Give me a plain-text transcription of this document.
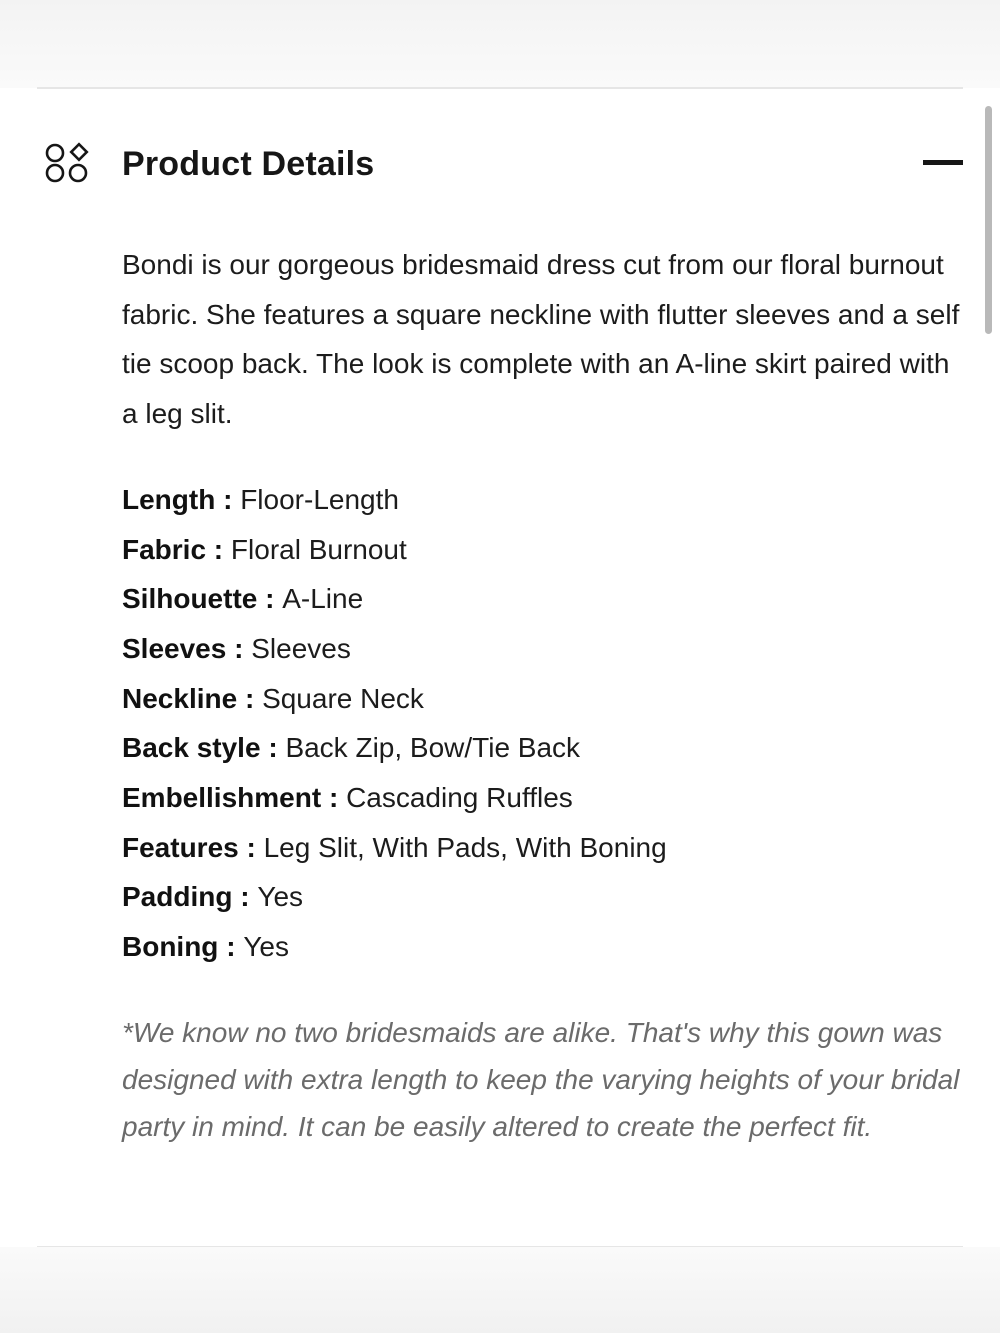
Product Details

Bondi is our gorgeous bridesmaid dress cut from our floral burnout fabric. She features a square neckline with flutter sleeves and a self tie scoop back. The look is complete with an A-line skirt paired with a leg slit.

Length : Floor-Length
Fabric : Floral Burnout
Silhouette : A-Line
Sleeves : Sleeves
Neckline : Square Neck
Back style : Back Zip, Bow/Tie Back
Embellishment : Cascading Ruffles
Features : Leg Slit, With Pads, With Boning
Padding : Yes
Boning : Yes

*We know no two bridesmaids are alike. That's why this gown was designed with extra length to keep the varying heights of your bridal party in mind. It can be easily altered to create the perfect fit.
